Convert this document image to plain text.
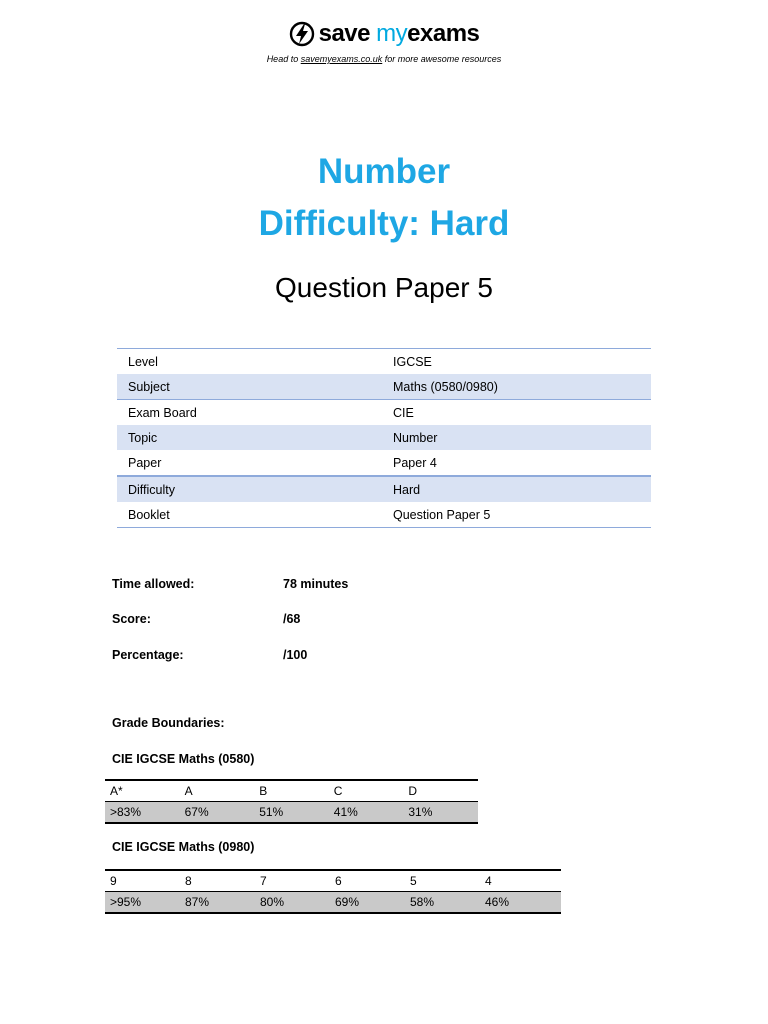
save myexams
Head to savemyexams.co.uk for more awesome resources
Number
Difficulty: Hard
Question Paper 5
Level	IGCSE
Subject	Maths (0580/0980)
Exam Board	CIE
Topic	Number
Paper	Paper 4
Difficulty	Hard
Booklet	Question Paper 5
Time allowed:	78 minutes
Score:	/68
Percentage:	/100
Grade Boundaries:
CIE IGCSE Maths (0580)
A*	A	B	C	D
>83%	67%	51%	41%	31%
CIE IGCSE Maths (0980)
9	8	7	6	5	4
>95%	87%	80%	69%	58%	46%
